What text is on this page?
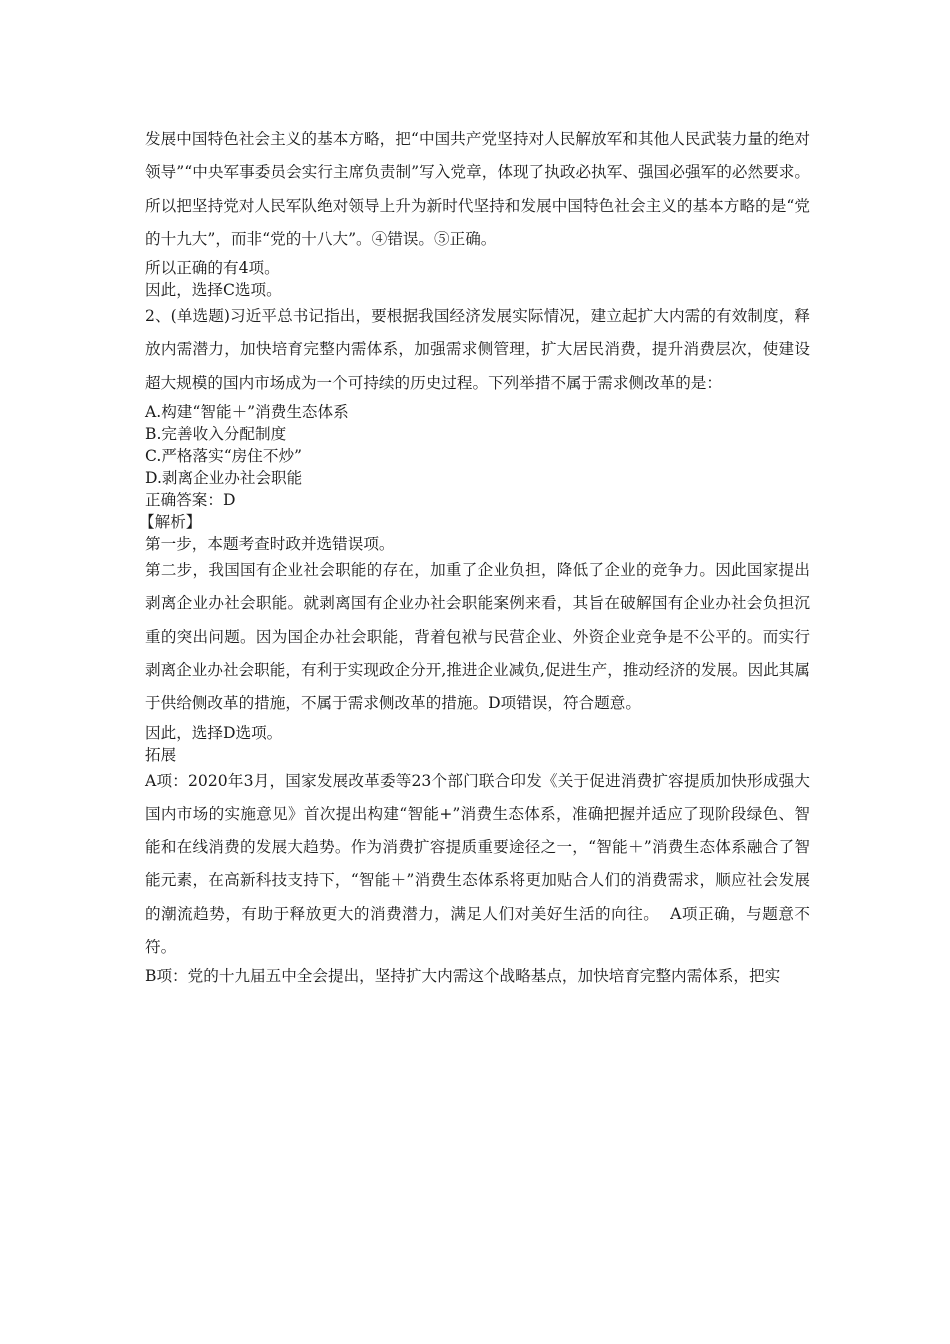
发展中国特色社会主义的基本方略，把“中国共产党坚持对人民解放军和其他人民武装力量的绝对领导”“中央军事委员会实行主席负责制”写入党章，体现了执政必执军、强国必强军的必然要求。所以把坚持党对人民军队绝对领导上升为新时代坚持和发展中国特色社会主义的基本方略的是“党的十九大”，而非“党的十八大”。④错误。⑤正确。

所以正确的有4项。

因此，选择C选项。

2、(单选题)习近平总书记指出，要根据我国经济发展实际情况，建立起扩大内需的有效制度，释放内需潜力，加快培育完整内需体系，加强需求侧管理，扩大居民消费，提升消费层次，使建设超大规模的国内市场成为一个可持续的历史过程。下列举措不属于需求侧改革的是：

A.构建“智能＋”消费生态体系

B.完善收入分配制度

C.严格落实“房住不炒”

D.剥离企业办社会职能

正确答案：D

【解析】

第一步，本题考查时政并选错误项。

第二步，我国国有企业社会职能的存在，加重了企业负担，降低了企业的竞争力。因此国家提出剥离企业办社会职能。就剥离国有企业办社会职能案例来看，其旨在破解国有企业办社会负担沉重的突出问题。因为国企办社会职能，背着包袱与民营企业、外资企业竞争是不公平的。而实行剥离企业办社会职能，有利于实现政企分开,推进企业减负,促进生产，推动经济的发展。因此其属于供给侧改革的措施，不属于需求侧改革的措施。D项错误，符合题意。

因此，选择D选项。

拓展

A项：2020年3月，国家发展改革委等23个部门联合印发《关于促进消费扩容提质加快形成强大国内市场的实施意见》首次提出构建“智能+”消费生态体系，准确把握并适应了现阶段绿色、智能和在线消费的发展大趋势。作为消费扩容提质重要途径之一，“智能＋”消费生态体系融合了智能元素，在高新科技支持下，“智能＋”消费生态体系将更加贴合人们的消费需求，顺应社会发展的潮流趋势，有助于释放更大的消费潜力，满足人们对美好生活的向往。  A项正确，与题意不符。

B项：党的十九届五中全会提出，坚持扩大内需这个战略基点，加快培育完整内需体系，把实
